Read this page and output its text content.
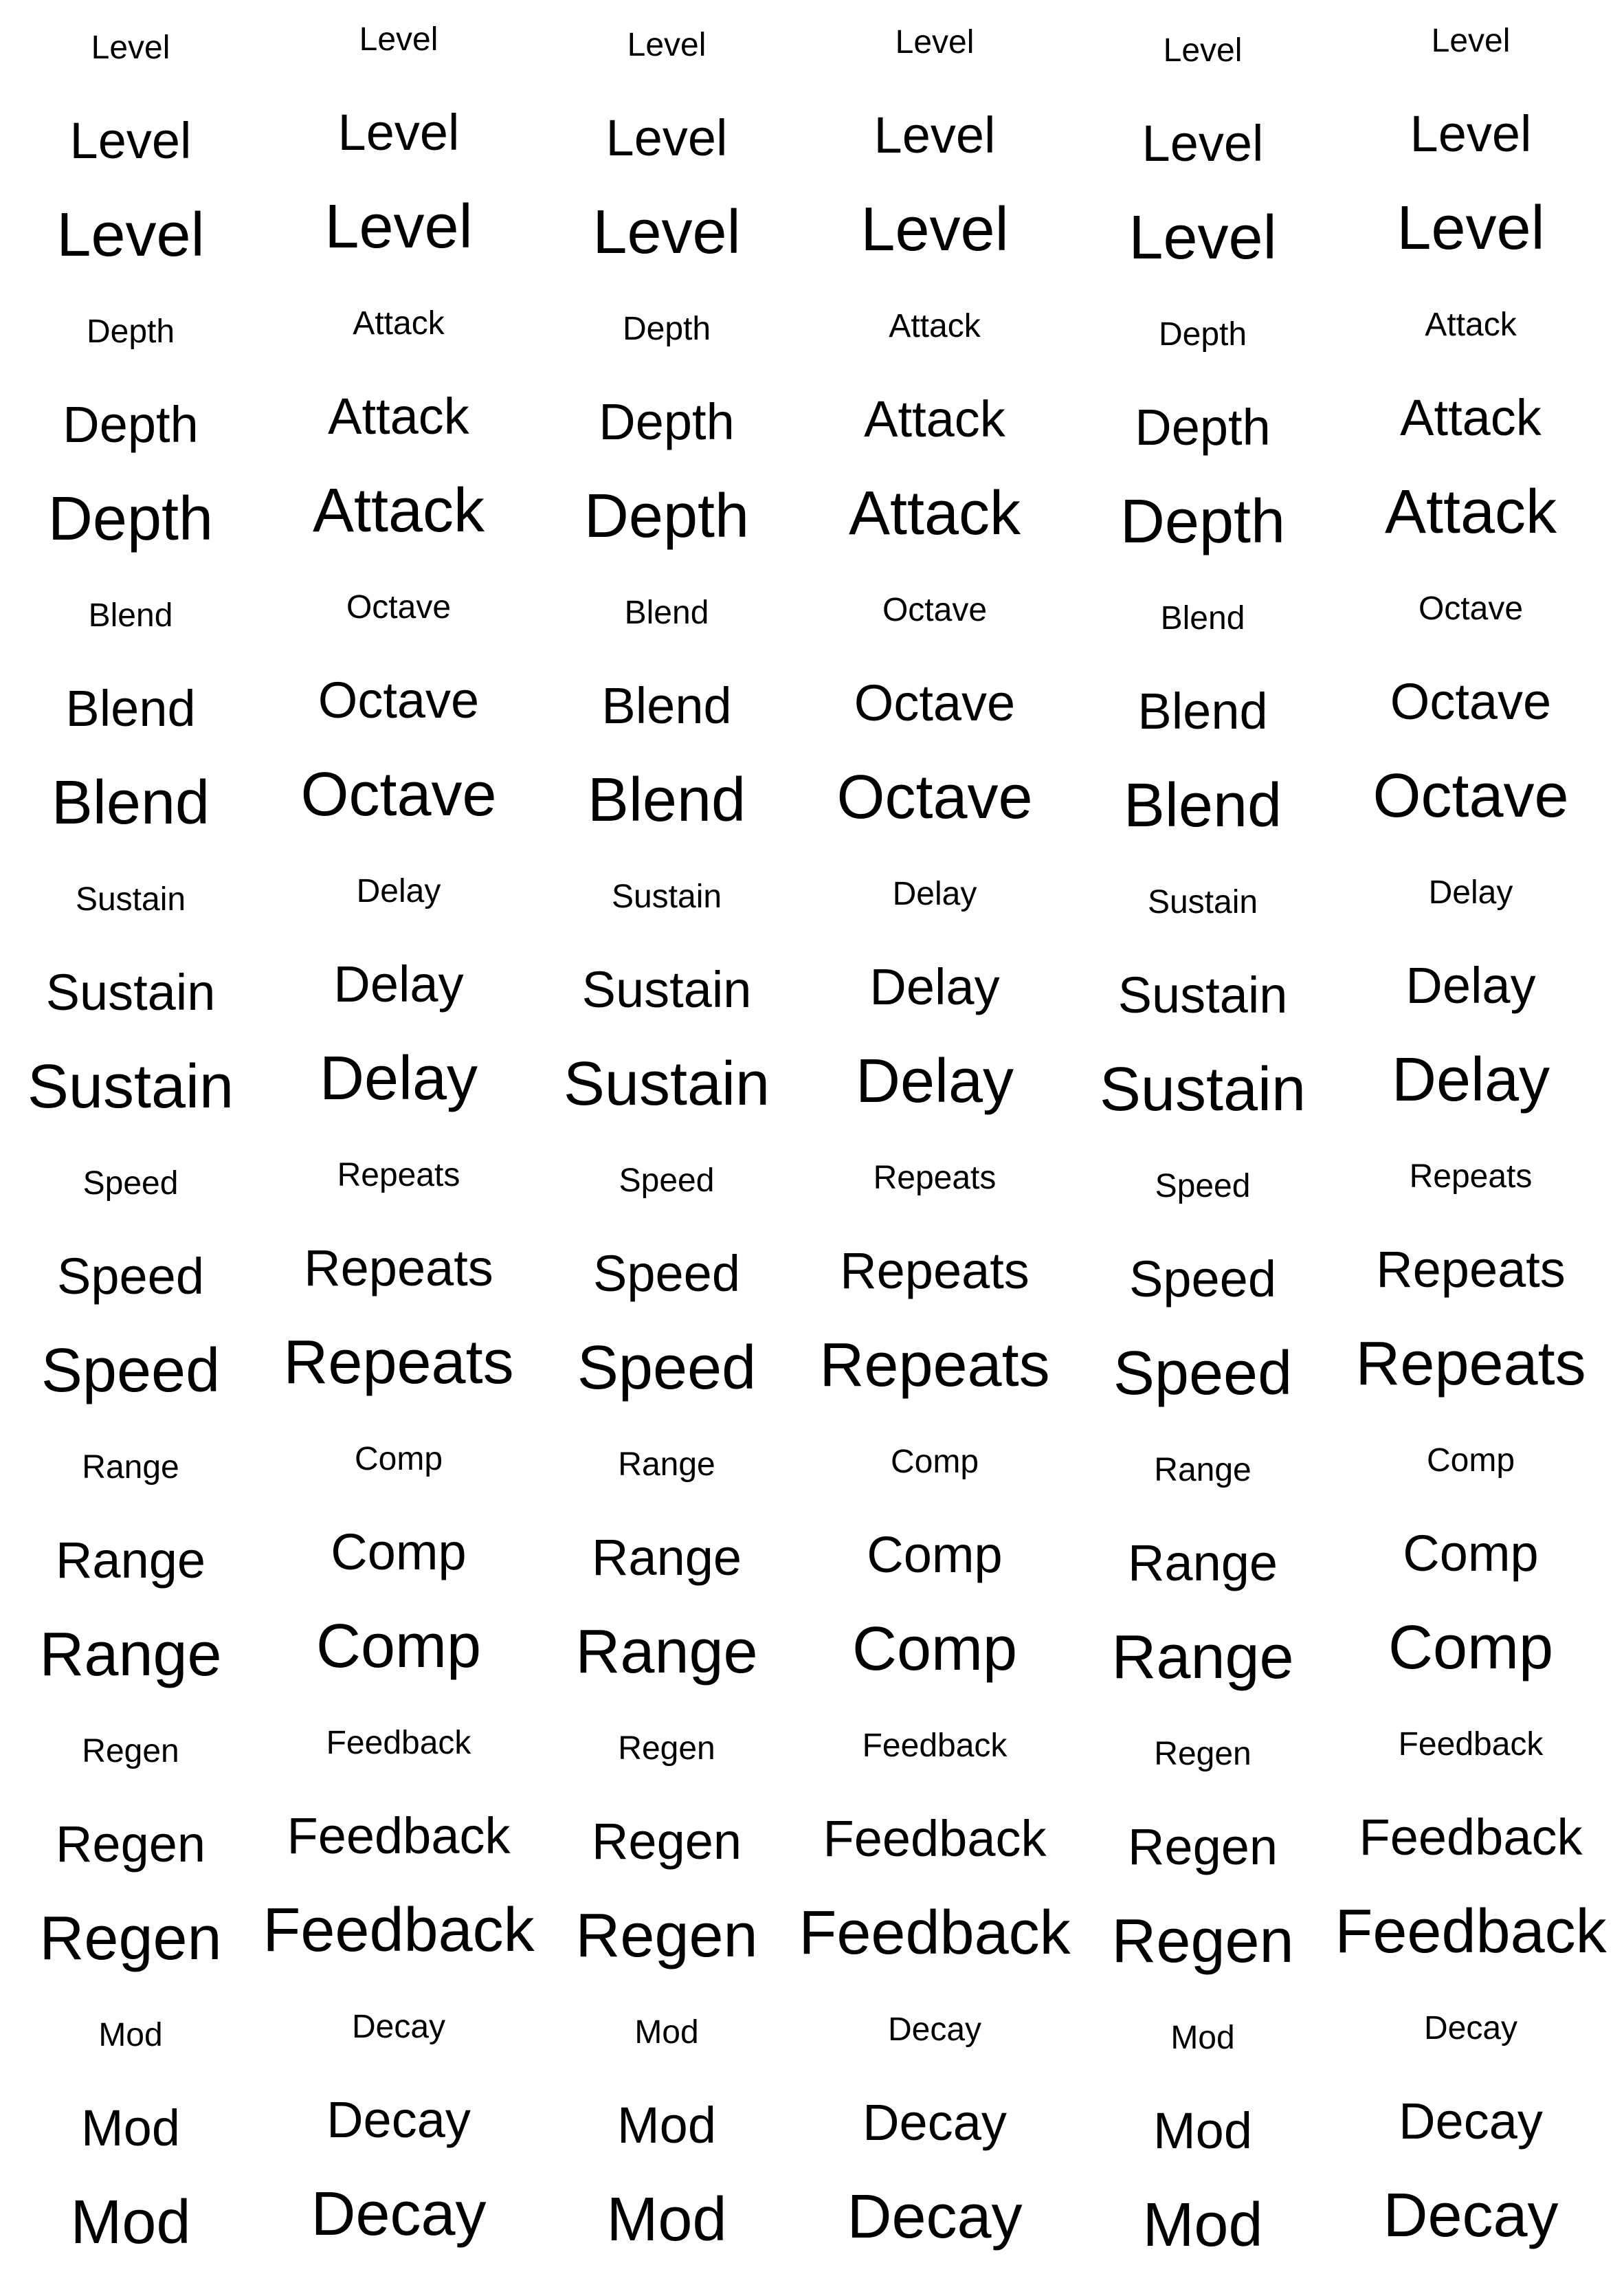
Level	Level	Level	Level	Level	Level
Level	Level	Level	Level	Level	Level
Level Level Level Level Level Level
Depth	Attack	Depth	Attack	Depth	Attack
Depth	Attack	Depth	Attack	Depth	Attack
Depth Attack Depth Attack Depth Attack
Blend	Octave	Blend	Octave	Blend	Octave
Blend Octave Blend Octave Blend Octave
Blend Octave Blend Octave Blend Octave
Sustain	Delay	Sustain	Delay	Sustain	Delay
Sustain Delay Sustain Delay Sustain Delay
Sustain Delay Sustain Delay Sustain Delay
Speed	Repeats	Speed	Repeats	Speed	Repeats
Speed Repeats Speed Repeats Speed Repeats
Speed Repeats Speed Repeats Speed Repeats
Range	Comp	Range	Comp	Range	Comp
Range Comp Range Comp Range Comp
Range Comp Range Comp Range Comp
Regen	Feedback	Regen	Feedback	Regen	Feedback
Regen Feedback Regen Feedback Regen Feedback
Regen Feedback Regen Feedback Regen Feedback
Mod	Decay	Mod	Decay	Mod	Decay
Mod	Decay	Mod	Decay	Mod	Decay
Mod Decay Mod Decay Mod Decay
